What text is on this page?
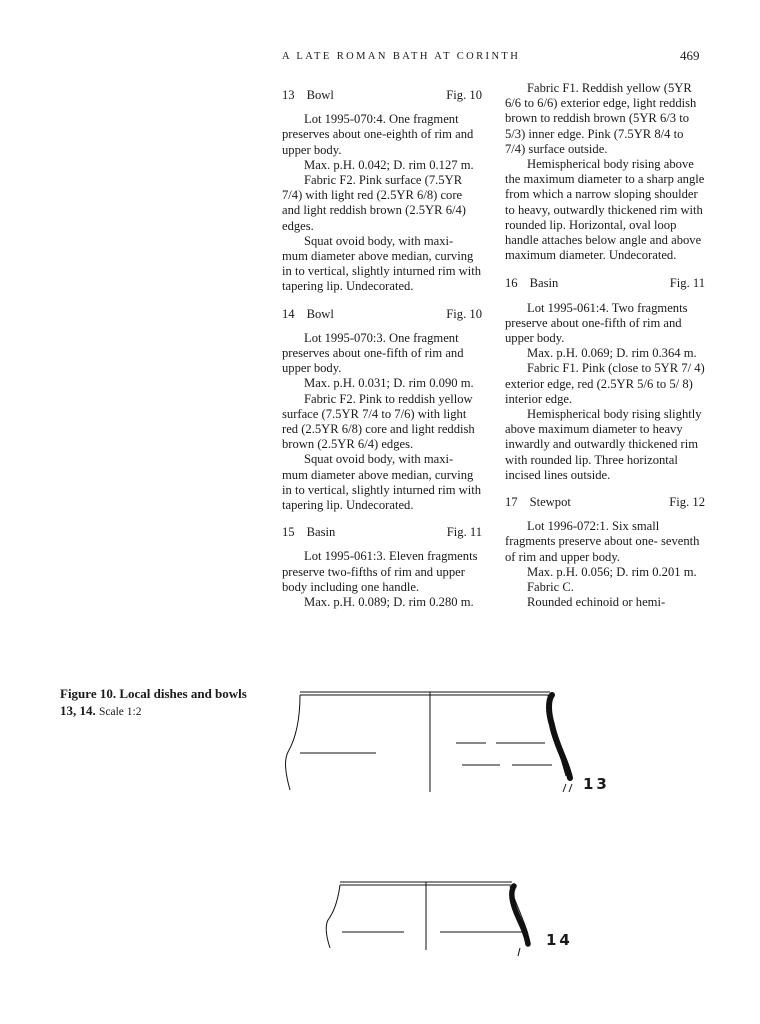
A LATE ROMAN BATH AT CORINTH	469
13 Bowl	Fig. 10

Lot 1995-070:4. One fragment preserves about one-eighth of rim and upper body.

Max. p.H. 0.042; D. rim 0.127 m.

Fabric F2. Pink surface (7.5YR 7/4) with light red (2.5YR 6/8) core and light reddish brown (2.5YR 6/4) edges.

Squat ovoid body, with maxi- mum diameter above median, curving in to vertical, slightly inturned rim with tapering lip. Undecorated.

14 Bowl	Fig. 10

Lot 1995-070:3. One fragment preserves about one-fifth of rim and upper body.

Max. p.H. 0.031; D. rim 0.090 m.

Fabric F2. Pink to reddish yellow surface (7.5YR 7/4 to 7/6) with light red (2.5YR 6/8) core and light reddish brown (2.5YR 6/4) edges.

Squat ovoid body, with maxi- mum diameter above median, curving in to vertical, slightly inturned rim with tapering lip. Undecorated.

15 Basin	Fig. 11

Lot 1995-061:3. Eleven fragments preserve two-fifths of rim and upper body including one handle.

Max. p.H. 0.089; D. rim 0.280 m.

Fabric F1. Reddish yellow (5YR 6/6 to 6/6) exterior edge, light reddish brown to reddish brown (5YR 6/3 to 5/3) inner edge. Pink (7.5YR 8/4 to 7/4) surface outside.

Hemispherical body rising above the maximum diameter to a sharp angle from which a narrow sloping shoulder to heavy, outwardly thickened rim with rounded lip. Horizontal, oval loop handle attaches below angle and above maximum diameter. Undecorated.

16 Basin	Fig. 11

Lot 1995-061:4. Two fragments preserve about one-fifth of rim and upper body.

Max. p.H. 0.069; D. rim 0.364 m.

Fabric F1. Pink (close to 5YR 7/ 4) exterior edge, red (2.5YR 5/6 to 5/ 8) interior edge.

Hemispherical body rising slightly above maximum diameter to heavy inwardly and outwardly thickened rim with rounded lip. Three horizontal incised lines outside.

17 Stewpot	Fig. 12

Lot 1996-072:1. Six small fragments preserve about one- seventh of rim and upper body.

Max. p.H. 0.056; D. rim 0.201 m.

Fabric C.

Rounded echinoid or hemi-

Figure 10. Local dishes and bowls 13, 14. Scale 1:2
13
14
